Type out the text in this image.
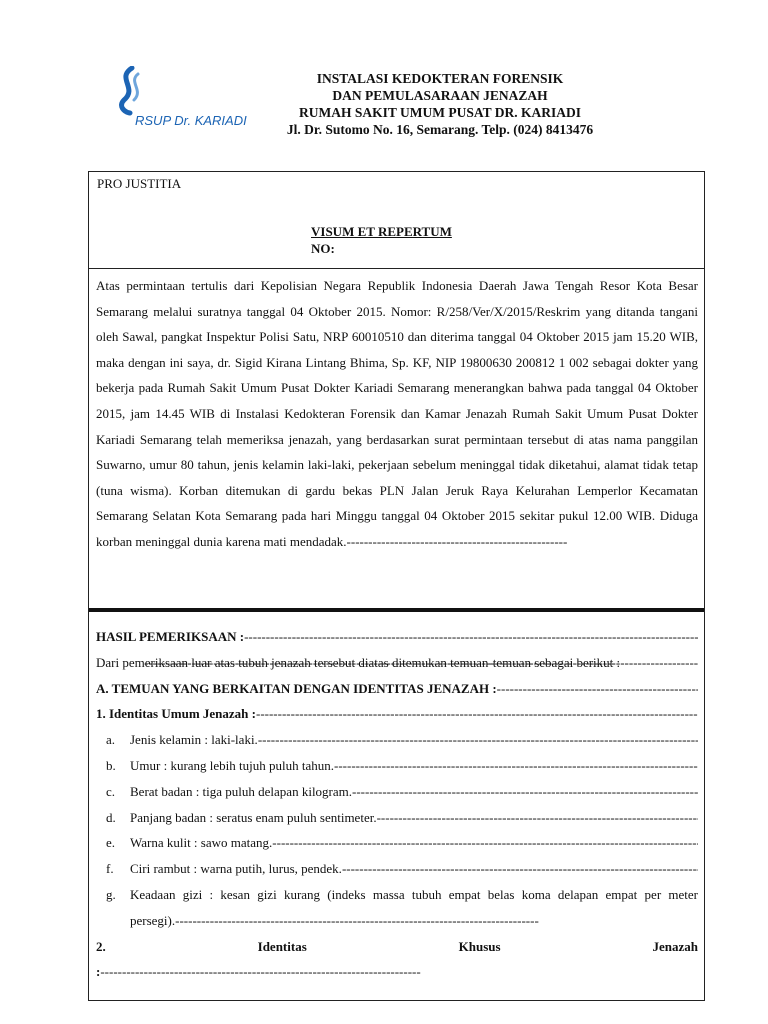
RSUP Dr. KARIADI
INSTALASI KEDOKTERAN FORENSIK
DAN PEMULASARAAN JENAZAH
RUMAH SAKIT UMUM PUSAT DR. KARIADI
Jl. Dr. Sutomo No. 16, Semarang. Telp. (024) 8413476
PRO JUSTITIA
VISUM ET REPERTUM
NO:
Atas permintaan tertulis dari Kepolisian Negara Republik Indonesia Daerah Jawa Tengah Resor Kota Besar Semarang melalui suratnya tanggal 04 Oktober 2015. Nomor: R/258/Ver/X/2015/Reskrim yang ditanda tangani oleh Sawal, pangkat Inspektur Polisi Satu, NRP 60010510 dan diterima tanggal 04 Oktober 2015 jam 15.20 WIB, maka dengan ini saya, dr. Sigid Kirana Lintang Bhima, Sp. KF, NIP 19800630 200812 1 002 sebagai dokter yang bekerja pada Rumah Sakit Umum Pusat Dokter Kariadi Semarang menerangkan bahwa pada tanggal 04 Oktober 2015, jam 14.45 WIB di Instalasi Kedokteran Forensik dan Kamar Jenazah Rumah Sakit Umum Pusat Dokter Kariadi Semarang telah memeriksa jenazah, yang berdasarkan surat permintaan tersebut di atas nama panggilan Suwarno, umur 80 tahun, jenis kelamin laki-laki, pekerjaan sebelum meninggal tidak diketahui, alamat tidak tetap (tuna wisma). Korban ditemukan di gardu bekas PLN Jalan Jeruk Raya Kelurahan Lemperlor Kecamatan Semarang Selatan Kota Semarang pada hari Minggu tanggal 04 Oktober 2015 sekitar pukul 12.00 WIB. Diduga korban meninggal dunia karena mati mendadak.---------------------------------------------------
HASIL PEMERIKSAAN :
-----

Dari pemeriksaan luar atas tubuh jenazah tersebut diatas ditemukan temuan-temuan sebagai berikut :

-----
A. TEMUAN YANG BERKAITAN DENGAN IDENTITAS JENAZAH :
-----
1. Identitas Umum Jenazah :
-----
a.	Jenis kelamin : laki-laki.
-----
b.	Umur : kurang lebih tujuh puluh tahun.
-----
c.	Berat badan : tiga puluh delapan kilogram.
-----
d.	Panjang badan : seratus enam puluh sentimeter.
-----
e.	Warna kulit : sawo matang.
-----
f.	Ciri rambut : warna putih, lurus, pendek.
-----
g.	Keadaan gizi : kesan gizi kurang (indeks massa tubuh empat belas koma delapan empat per meter persegi).------------------------------------------------------------------------------------
2.	Identitas	Khusus	Jenazah
:--------------------------------------------------------------------------
